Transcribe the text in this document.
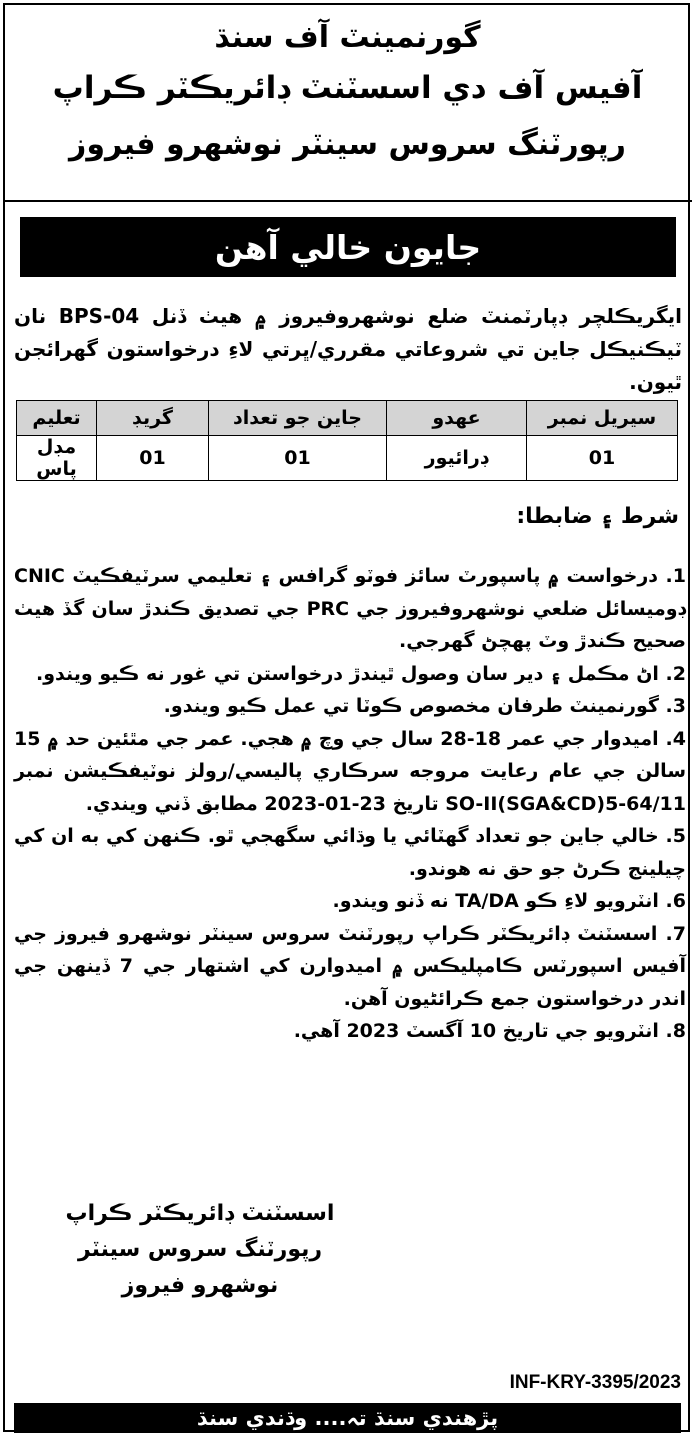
گورنمينٽ آف سنڌ
آفيس آف دي اسسٽنٽ ڊائريڪٽر ڪراپ
رپورٽنگ سروس سينٽر نوشهرو فيروز
جايون خالي آهن
ايگريڪلچر ڊپارٽمنٽ ضلع نوشهروفيروز ۾ هيٺ ڏنل BPS-04 نان ٽيڪنيڪل جاين تي شروعاتي مقرري/ڀرتي لاءِ درخواستون گهرائجن ٿيون.
سيريل نمبر	عهدو	جاين جو تعداد	گريڊ	تعليم
01	ڊرائيور	01	01	مڊل پاس
شرط ۽ ضابطا:
1. درخواست ۾ پاسپورٽ سائز فوٽو گرافس ۽ تعليمي سرٽيفڪيٽ CNIC ڊوميسائل ضلعي نوشهروفيروز جي PRC جي تصديق ڪندڙ سان گڏ هيٺ صحيح ڪندڙ وٽ پهچڻ گهرجي.
2. اڻ مڪمل ۽ دير سان وصول ٿيندڙ درخواستن تي غور نه ڪيو ويندو.
3. گورنمينٽ طرفان مخصوص ڪوٽا تي عمل ڪيو ويندو.
4. اميدوار جي عمر 18-28 سال جي وچ ۾ هجي. عمر جي مٿئين حد ۾ 15 سالن جي عام رعايت مروجه سرڪاري پاليسي/رولز نوٽيفڪيشن نمبر SO-II(SGA&CD)5-64/11 تاريخ 23-01-2023 مطابق ڏني ويندي.
5. خالي جاين جو تعداد گهٽائي يا وڌائي سگهجي ٿو. ڪنهن کي به ان کي چيلينج ڪرڻ جو حق نه هوندو.
6. انٽرويو لاءِ ڪو TA/DA نه ڏنو ويندو.
7. اسسٽنٽ ڊائريڪٽر ڪراپ رپورٽنٽ سروس سينٽر نوشهرو فيروز جي آفيس اسپورٽس ڪامپليڪس ۾ اميدوارن کي اشتهار جي 7 ڏينهن جي اندر درخواستون جمع ڪرائڻيون آهن.
8. انٽرويو جي تاريخ 10 آگسٽ 2023 آهي.
اسسٽنٽ ڊائريڪٽر ڪراپ
رپورٽنگ سروس سينٽر
نوشهرو فيروز
INF-KRY-3395/2023
پڙهندي سنڌ تہ.... وڌندي سنڌ
